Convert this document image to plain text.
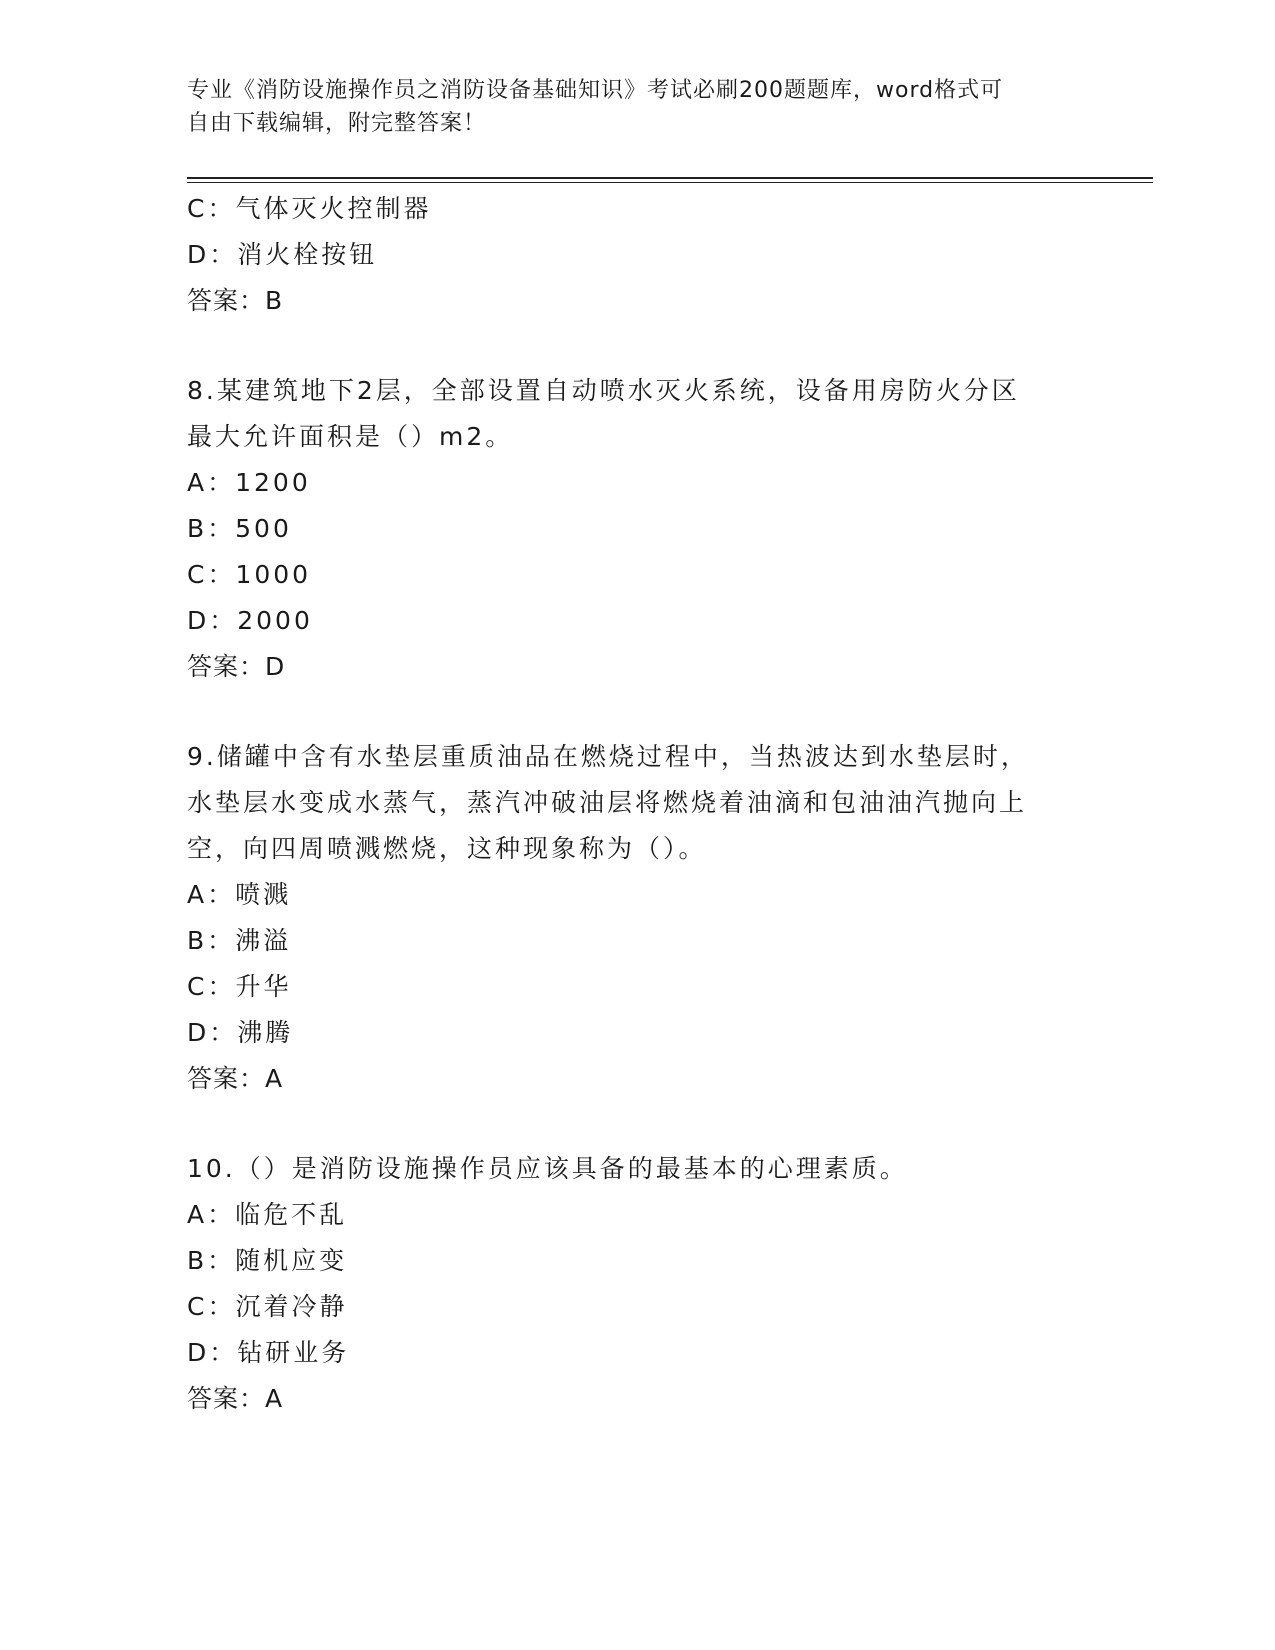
专业《消防设施操作员之消防设备基础知识》考试必刷200题题库，word格式可
自由下载编辑，附完整答案！
C：气体灭火控制器
D：消火栓按钮
答案：B
8.某建筑地下2层，全部设置自动喷水灭火系统，设备用房防火分区
最大允许面积是（）m2。
A：1200
B：500
C：1000
D：2000
答案：D
9.储罐中含有水垫层重质油品在燃烧过程中，当热波达到水垫层时，
水垫层水变成水蒸气，蒸汽冲破油层将燃烧着油滴和包油油汽抛向上
空，向四周喷溅燃烧，这种现象称为（）。
A：喷溅
B：沸溢
C：升华
D：沸腾
答案：A
10.（）是消防设施操作员应该具备的最基本的心理素质。
A：临危不乱
B：随机应变
C：沉着冷静
D：钻研业务
答案：A
